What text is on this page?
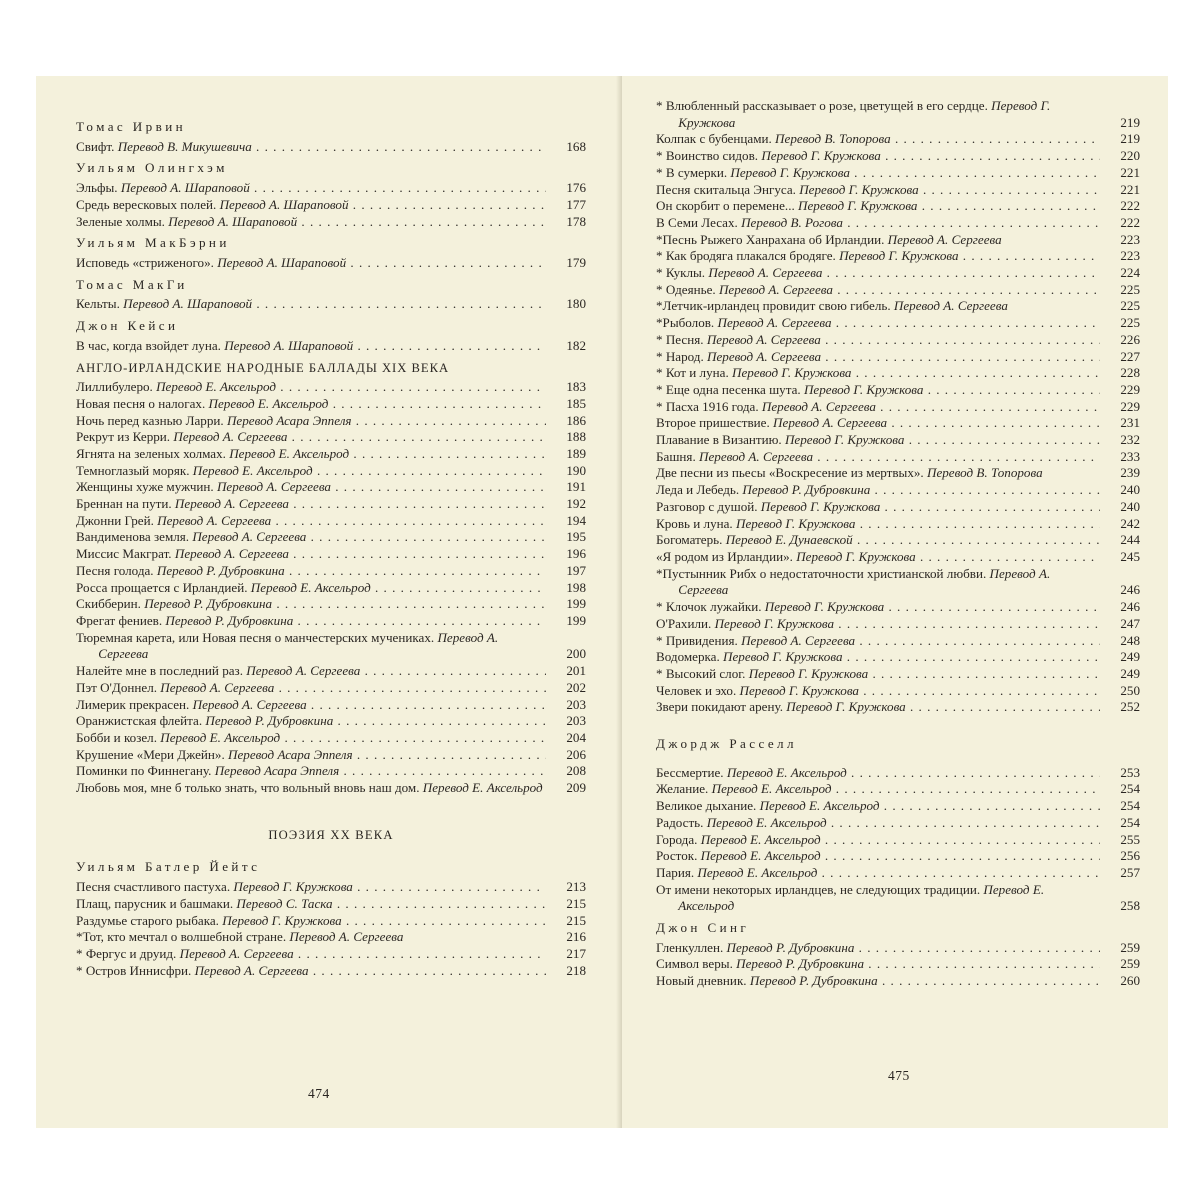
Томас Ирвин
Свифт. Перевод В. Микушевича . . .	168
Уильям Олингхэм
Эльфы. Перевод А. Шараповой . . .	176
Средь вересковых полей. Перевод А. Шараповой . . .	177
Зеленые холмы. Перевод А. Шараповой . . .	178
Уильям МакБэрни
Исповедь «стриженого». Перевод А. Шараповой . . .	179
Томас МакГи
Кельты. Перевод А. Шараповой . . .	180
Джон Кейси
В час, когда взойдет луна. Перевод А. Шараповой . . .	182
АНГЛО-ИРЛАНДСКИЕ НАРОДНЫЕ БАЛЛАДЫ XIX ВЕКА
Лиллибулеро. Перевод Е. Аксельрод . . .	183
Новая песня о налогах. Перевод Е. Аксельрод . . .	185
Ночь перед казнью Ларри. Перевод Асара Эппеля . . .	186
Рекрут из Керри. Перевод А. Сергеева . . .	188
Ягнята на зеленых холмах. Перевод Е. Аксельрод . . .	189
Темноглазый моряк. Перевод Е. Аксельрод . . .	190
Женщины хуже мужчин. Перевод А. Сергеева . . .	191
Бреннан на пути. Перевод А. Сергеева . . .	192
Джонни Грей. Перевод А. Сергеева . . .	194
Вандименова земля. Перевод А. Сергеева . . .	195
Миссис Макграт. Перевод А. Сергеева . . .	196
Песня голода. Перевод Р. Дубровкина . . .	197
Росса прощается с Ирландией. Перевод Е. Аксельрод . . .	198
Скибберин. Перевод Р. Дубровкина . . .	199
Фрегат фениев. Перевод Р. Дубровкина . . .	199
Тюремная карета, или Новая песня о манчестерских мучениках. Перевод А. Сергеева	200
Налейте мне в последний раз. Перевод А. Сергеева . . .	201
Пэт О'Доннел. Перевод А. Сергеева . . .	202
Лимерик прекрасен. Перевод А. Сергеева . . .	203
Оранжистская флейта. Перевод Р. Дубровкина . . .	203
Бобби и козел. Перевод Е. Аксельрод . . .	204
Крушение «Мери Джейн». Перевод Асара Эппеля . . .	206
Поминки по Финнегану. Перевод Асара Эппеля . . .	208
Любовь моя, мне б только знать, что вольный вновь наш дом. Перевод Е. Аксельрод	209
ПОЭЗИЯ XX ВЕКА
Уильям Батлер Йейтс
Песня счастливого пастуха. Перевод Г. Кружкова . . .	213
Плащ, парусник и башмаки. Перевод С. Таска . . .	215
Раздумье старого рыбака. Перевод Г. Кружкова . . .	215
*Тот, кто мечтал о волшебной стране. Перевод А. Сергеева	216
* Фергус и друид. Перевод А. Сергеева . . .	217
* Остров Иннисфри. Перевод А. Сергеева . . .	218
474
* Влюбленный рассказывает о розе, цветущей в его сердце. Перевод Г. Кружкова	219
Колпак с бубенцами. Перевод В. Топорова . . .	219
* Воинство сидов. Перевод Г. Кружкова . . .	220
* В сумерки. Перевод Г. Кружкова . . .	221
Песня скитальца Энгуса. Перевод Г. Кружкова . . .	221
Он скорбит о перемене... Перевод Г. Кружкова . . .	222
В Семи Лесах. Перевод В. Рогова . . .	222
*Песнь Рыжего Ханрахана об Ирландии. Перевод А. Сергеева	223
* Как бродяга плакался бродяге. Перевод Г. Кружкова . . .	223
* Куклы. Перевод А. Сергеева . . .	224
* Одеянье. Перевод А. Сергеева . . .	225
*Летчик-ирландец провидит свою гибель. Перевод А. Сергеева	225
*Рыболов. Перевод А. Сергеева . . .	225
* Песня. Перевод А. Сергеева . . .	226
* Народ. Перевод А. Сергеева . . .	227
* Кот и луна. Перевод Г. Кружкова . . .	228
* Еще одна песенка шута. Перевод Г. Кружкова . . .	229
* Пасха 1916 года. Перевод А. Сергеева . . .	229
Второе пришествие. Перевод А. Сергеева . . .	231
Плавание в Византию. Перевод Г. Кружкова . . .	232
Башня. Перевод А. Сергеева . . .	233
Две песни из пьесы «Воскресение из мертвых». Перевод В. Топорова	239
Леда и Лебедь. Перевод Р. Дубровкина . . .	240
Разговор с душой. Перевод Г. Кружкова . . .	240
Кровь и луна. Перевод Г. Кружкова . . .	242
Богоматерь. Перевод Е. Дунаевской . . .	244
«Я родом из Ирландии». Перевод Г. Кружкова . . .	245
*Пустынник Рибх о недостаточности христианской любви. Перевод А. Сергеева	246
* Клочок лужайки. Перевод Г. Кружкова . . .	246
О'Рахили. Перевод Г. Кружкова . . .	247
* Привидения. Перевод А. Сергеева . . .	248
Водомерка. Перевод Г. Кружкова . . .	249
* Высокий слог. Перевод Г. Кружкова . . .	249
Человек и эхо. Перевод Г. Кружкова . . .	250
Звери покидают арену. Перевод Г. Кружкова . . .	252
Джордж Расселл
Бессмертие. Перевод Е. Аксельрод . . .	253
Желание. Перевод Е. Аксельрод . . .	254
Великое дыхание. Перевод Е. Аксельрод . . .	254
Радость. Перевод Е. Аксельрод . . .	254
Города. Перевод Е. Аксельрод . . .	255
Росток. Перевод Е. Аксельрод . . .	256
Пария. Перевод Е. Аксельрод . . .	257
От имени некоторых ирландцев, не следующих традиции. Перевод Е. Аксельрод	258
Джон Синг
Гленкуллен. Перевод Р. Дубровкина . . .	259
Символ веры. Перевод Р. Дубровкина . . .	259
Новый дневник. Перевод Р. Дубровкина . . .	260
475
